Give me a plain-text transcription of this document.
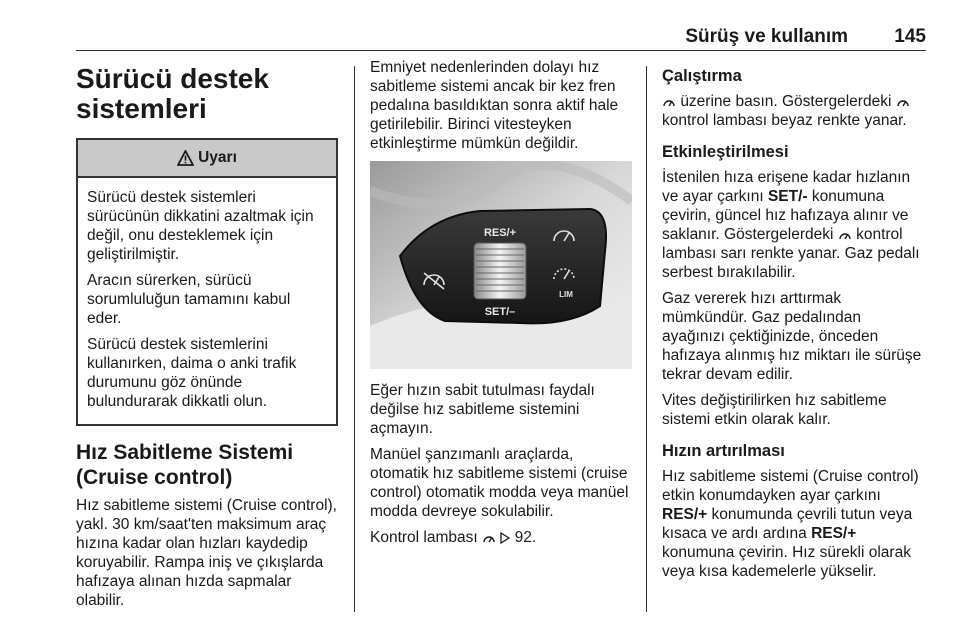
Sürüş ve kullanım 145
Sürücü destek
sistemleri
Uyarı

Sürücü destek sistemleri sürücünün dikkatini azaltmak için değil, onu desteklemek için geliştirilmiştir.

Aracın sürerken, sürücü sorumluluğun tamamını kabul eder.

Sürücü destek sistemlerini kullanırken, daima o anki trafik durumunu göz önünde bulundurarak dikkatli olun.

Hız Sabitleme Sistemi
(Cruise control)

Hız sabitleme sistemi (Cruise control), yakl. 30 km/saat'ten maksimum araç hızına kadar olan hızları kaydedip koruyabilir. Rampa iniş ve çıkışlarda hafızaya alınan hızda sapmalar olabilir.

Emniyet nedenlerinden dolayı hız sabitleme sistemi ancak bir kez fren pedalına basıldıktan sonra aktif hale getirilebilir. Birinci vitesteyken etkinleştirme mümkün değildir.

RES/+
SET/–
LIM

Eğer hızın sabit tutulması faydalı değilse hız sabitleme sistemini açmayın.

Manüel şanzımanlı araçlarda, otomatik hız sabitleme sistemi (cruise control) otomatik modda veya manüel modda devreye sokulabilir.

Kontrol lambası 92.

Çalıştırma

üzerine basın. Göstergelerdeki  kontrol lambası beyaz renkte yanar.

Etkinleştirilmesi

İstenilen hıza erişene kadar hızlanın ve ayar çarkını SET/- konumuna çevirin, güncel hız hafızaya alınır ve saklanır. Göstergelerdeki kontrol lambası sarı renkte yanar. Gaz pedalı serbest bırakılabilir.

Gaz vererek hızı arttırmak mümkündür. Gaz pedalından ayağınızı çektiğinizde, önceden hafızaya alınmış hız miktarı ile sürüşe tekrar devam edilir.

Vites değiştirilirken hız sabitleme sistemi etkin olarak kalır.

Hızın artırılması

Hız sabitleme sistemi (Cruise control) etkin konumdayken ayar çarkını RES/+ konumunda çevrili tutun veya kısaca ve ardı ardına RES/+ konumuna çevirin. Hız sürekli olarak veya kısa kademelerle yükselir.
